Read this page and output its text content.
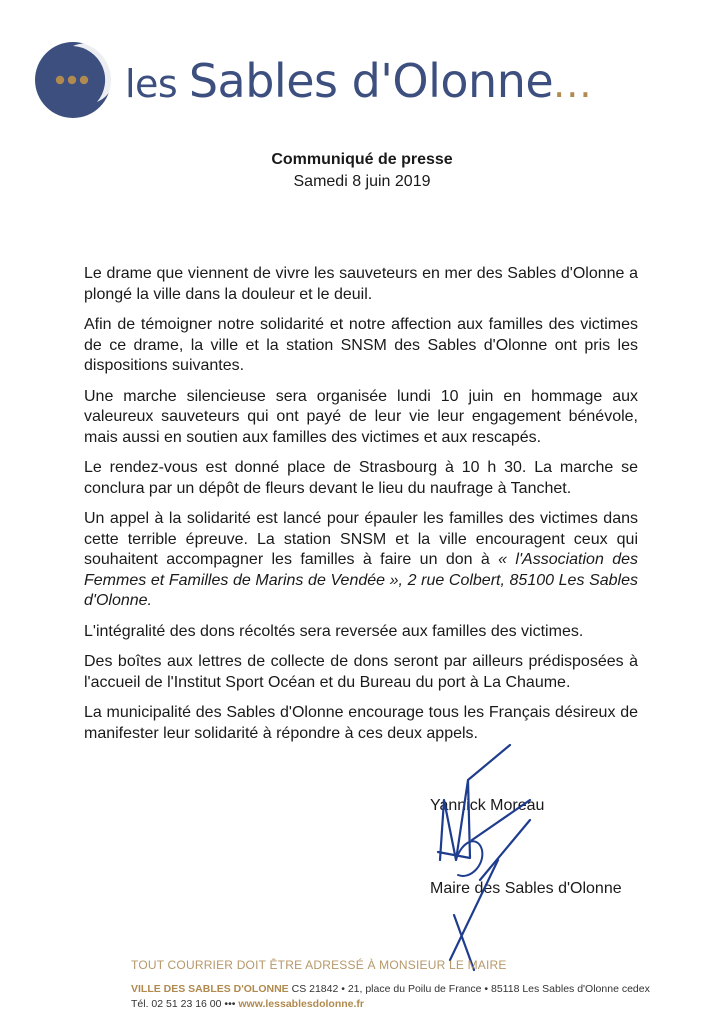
les Sables d'Olonne...
Communiqué de presse
Samedi 8 juin 2019

Le drame que viennent de vivre les sauveteurs en mer des Sables d'Olonne a plongé la ville dans la douleur et le deuil.

Afin de témoigner notre solidarité et notre affection aux familles des victimes de ce drame, la ville et la station SNSM des Sables d'Olonne ont pris les dispositions suivantes.

Une marche silencieuse sera organisée lundi 10 juin en hommage aux valeureux sauveteurs qui ont payé de leur vie leur engagement bénévole, mais aussi en soutien aux familles des victimes et aux rescapés.

Le rendez-vous est donné place de Strasbourg à 10 h 30. La marche se conclura par un dépôt de fleurs devant le lieu du naufrage à Tanchet.

Un appel à la solidarité est lancé pour épauler les familles des victimes dans cette terrible épreuve. La station SNSM et la ville encouragent ceux qui souhaitent accompagner les familles à faire un don à « l'Association des Femmes et Familles de Marins de Vendée », 2 rue Colbert, 85100 Les Sables d'Olonne.

L'intégralité des dons récoltés sera reversée aux familles des victimes.

Des boîtes aux lettres de collecte de dons seront par ailleurs prédisposées à l'accueil de l'Institut Sport Océan et du Bureau du port à La Chaume.

La municipalité des Sables d'Olonne encourage tous les Français désireux de manifester leur solidarité à répondre à ces deux appels.

Yannick Moreau
Maire des Sables d'Olonne
TOUT COURRIER DOIT ÊTRE ADRESSÉ À MONSIEUR LE MAIRE
VILLE DES SABLES D'OLONNE CS 21842 • 21, place du Poilu de France • 85118 Les Sables d'Olonne cedex
Tél. 02 51 23 16 00 ••• www.lessablesdolonne.fr
